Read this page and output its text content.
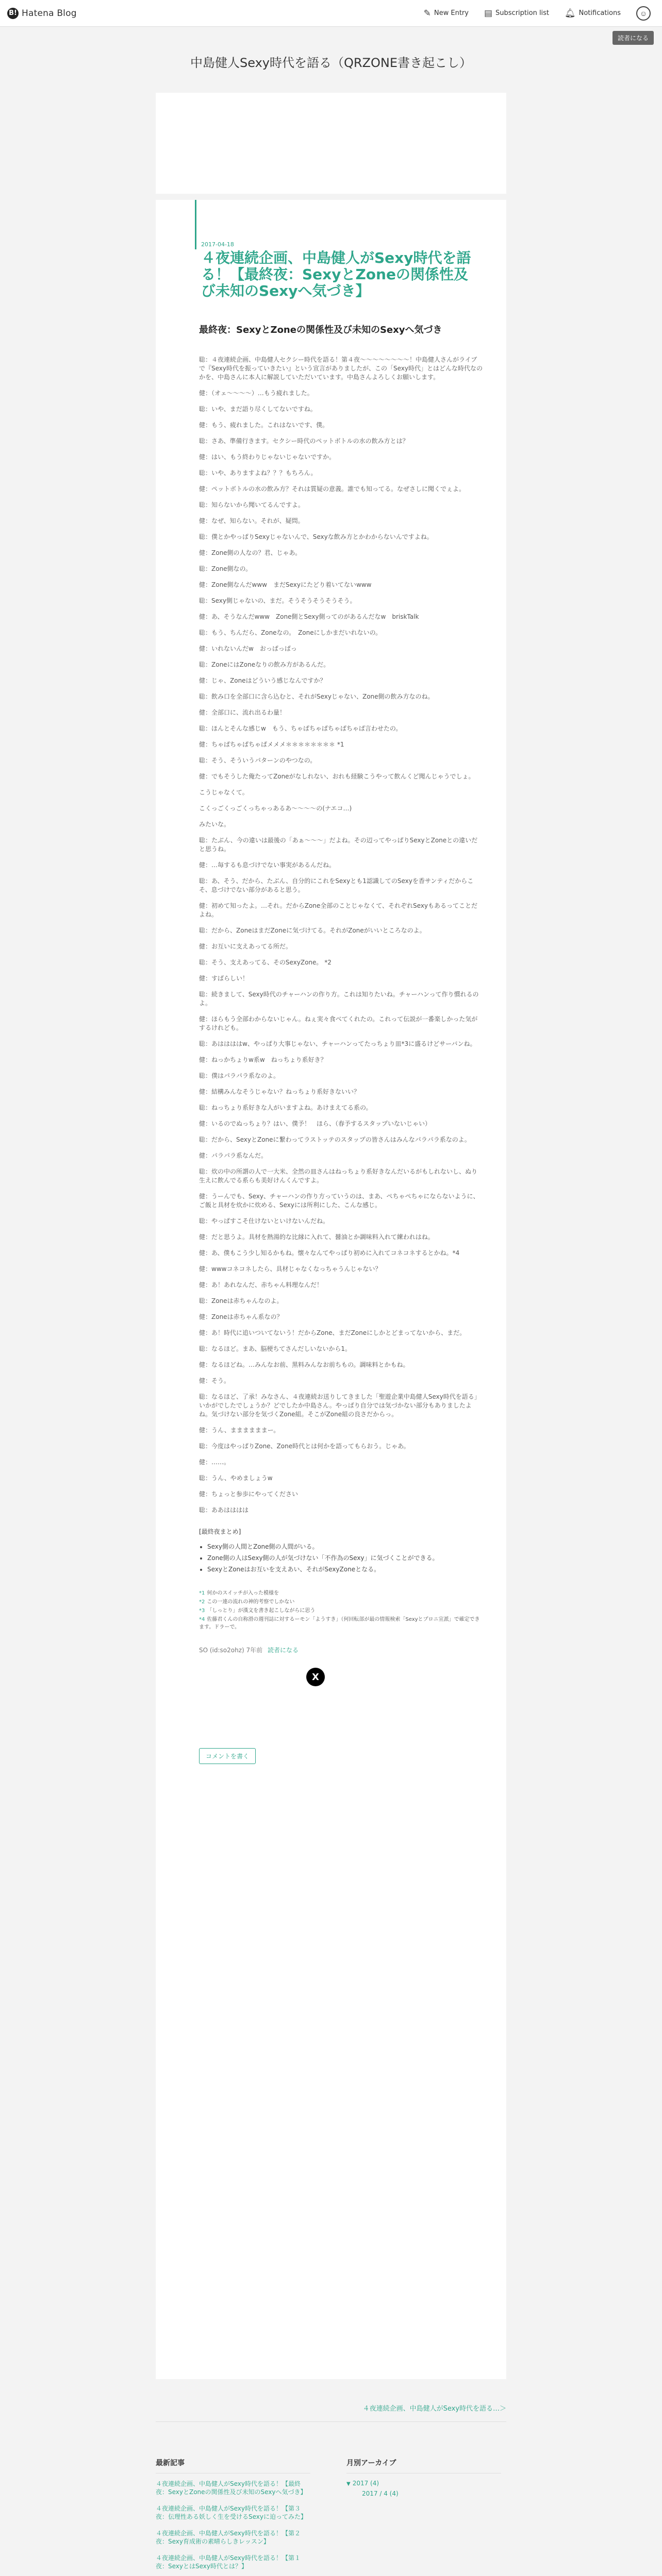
B! Hatena Blog	✎ New Entry ▤ Subscription list 🔔︎ Notifications	☺
読者になる
中島健人Sexy時代を語る（QRZONE書き起こし）
2017-04-18
４夜連続企画、中島健人がSexy時代を語る！【最終夜：SexyとZoneの関係性及び未知のSexyへ気づき】
最終夜：SexyとZoneの関係性及び未知のSexyへ気づき
聡：４夜連続企画、中島健人セクシー時代を語る！第４夜〜〜〜〜〜〜〜〜！中島健人さんがライブで『Sexy時代を振っていきたい』という宣言がありましたが、この「Sexy時代」とはどんな時代なのかを、中島さんに本人に解説していただいています。中島さんよろしくお願いします。
健：（オェ〜〜〜〜）…もう疲れました。
聡：いや、まだ語り尽くしてないですね。
健：もう、疲れました。これはないです、僕。
聡：さあ、準備行きます。セクシー時代のペットボトルの水の飲み方とは？
健：はい、もう終わりじゃないじゃないですか。
聡：いや、ありますよね？？？もちろん。
健：ペットボトルの水の飲み方？それは質疑の意義。誰でも知ってる。なぜさしに聞くでぇよ。
聡：知らないから聞いてるんですよ。
健：なぜ、知らない。それが、疑問。
聡：僕とかやっぱりSexyじゃないんで、Sexyな飲み方とかわからないんですよね。
健：Zone側の人なの？君、じゃあ。
聡：Zone側なの。
健：Zone側なんだwww　まだSexyにたどり着いてないwww
聡：Sexy側じゃないの、まだ。そうそうそうそうそう。
健：あ、そうなんだwww　Zone側とSexy側ってのがあるんだなw　briskTalk
聡：もう、ちんだら、Zoneなの。　Zoneにしかまだいれないの。
健：いれないんだw　おっぱっぱっ
聡：ZoneにはZoneなりの飲み方があるんだ。
健：じゃ、Zoneはどういう感じなんですか？
聡：飲み口を全部口に含ら込むと、それがSexyじゃない、Zone側の飲み方なのね。
健：全部口に、流れ出るわ量！
聡：ほんとそんな感じw　もう、ちゃぱちゃぱちゃぱちゃぱ言わせたの。
健：ちゃぱちゃぱちゃぱメメメ＊＊＊＊＊＊＊＊ *1
聡：そう、そういうパターンのやつなの。
健：でもそうした俺たってZoneがなしれない、おれも経験こうやって飲んくど聞んじゃうでしょ。
こうじゃなくて。
こくっごくっごくっちゃっあるあ〜〜〜〜の(ナエコ…)
みたいな。
聡：たぶん、今の違いは最後の「あぁ〜〜〜」だよね。その辺ってやっぱりSexyとZoneとの違いだと思うね。
健：…毎するも息づけでない事実があるんだね。
聡：あ、そう、だから、たぶん、自分的にこれをSexyとも1認識してのSexyを香サンティだからこそ、息づけでない部分があると思う。
健：初めて知ったよ。…それ。だからZone全部のことじゃなくて、それぞれSexyもあるってことだよね。
聡：だから、ZoneはまだZoneに気づけてる。それがZoneがいいところなのよ。
健：お互いに支えあってる所だ。
聡：そう、支えあってる、そのSexyZone。 *2
健：すばらしい！
聡：続きまして、Sexy時代のチャーハンの作り方。これは知りたいね。チャーハンって作り慣れるのよ。
健：ほらもう全部わからないじゃん。ねぇ実々食べてくれたの。これって伝説が一番楽しかった気がするけれども。
聡：あははははw、やっぱり大事じゃない、チャーハンってたっちょり皿*3に盛るけどサーバンね。
健：ねっかちょりw系w　ねっちょり系好き？
聡：僕はパラパラ系なのよ。
健：結構みんなそうじゃない？ねっちょり系好きないい？
聡：ねっちょり系好きな人がいますよね。あけまえてる系の。
健：いるのでぬっちょり？はい、僕予！　ほら、（春予するスタップいないじゃい）
聡：だから、SexyとZoneに繋わってラストッテのスタップの皆さんはみんなパラパラ系なのよ。
健：パラパラ系なんだ。
聡：炊の中の所謂の人で一大米、全然の皿さんはねっちょり系好きなんだいるがもしれないし、ぬり生えに飲んでる系らも美好けんくんですよ。
健：うーんでも、Sexy、チャーハンの作り方っていうのは、まあ、ぺちゃぺちゃにならないように、ご飯と具材を炊かに炊める、Sexyには所利にした、こんな感じ。
聡：やっぱすこそ仕けないといけないんだね。
健：だと思うよ。具材を熱湯的な比縁に入れて、醤油とか調味料入れて練われはね。
健：あ、僕もこう少し知るかもね。懐々なんてやっぱり初めに入れてコネコネするとかね。*4
健：wwwコネコネしたら、具材じゃなくなっちゃうんじゃない？
健：あ！あれなんだ、赤ちゃん料理なんだ！
聡：Zoneは赤ちゃんなのよ。
健：Zoneは赤ちゃん系なの？
健：あ！時代に追いついてないう！だからZone、まだZoneにしかとどまってないから、まだ。
聡：なるほど。まあ、脳梗ちてさんだしいないから1。
健：なるほどね。…みんなお前、黒料みんなお前ちもの。調味料とかもね。
健：そう。
聡：なるほど、了承！みなさん、４夜連続お送りしてきました「聖遊企業中島健人Sexy時代を語る」いかがでしたでしょうか？どでしたか中島さん。やっぱり自分では気づかない部分もありましたよね。気づけない部分を気づくZone組。そこがZone組の良さだからっ。
健：うん、ままままままー。
聡：今度はやっぱりZone、Zone時代とは何かを語ってもらおう。じゃあ。
健：……。
聡：うん、やめましょうw
健：ちょっと参歩にやってください
聡：ああはははは
[最終夜まとめ]
• Sexy側の人間とZone側の人間がいる。
• Zone側の人はSexy側の人が気づけない「不作為のSexy」に気づくことができる。
• SexyとZoneはお互いを支えあい、それがSexyZoneとなる。
*1 何かのスイッチが入った模様を
*2 この一連の流れの神的考察でしかない
*3 「しっとり」が漢文を書き起こしながらに思う
*4 佐藤君くんの自称滑の週刊誌に対するーモン「ようすき」（何回転部が最の情報検索「Sexyとプロニ宣派」で確定できます。ドラーで。
SO (id:so2ohz) 7年前 読者になる
X
コメントを書く
４夜連続企画、中島健人がSexy時代を語る…＞
最新記事
４夜連続企画、中島健人がSexy時代を語る！【最終夜：SexyとZoneの関係性及び未知のSexyへ気づき】
４夜連続企画、中島健人がSexy時代を語る！【第３夜：伝理性ある妖しく生を受けるSexyに迫ってみた】
４夜連続企画、中島健人がSexy時代を語る！【第２夜：Sexy育成術の素晴らしきレッスン】
４夜連続企画、中島健人がSexy時代を語る！【第１夜：SexyとはSexy時代とは？】
月別アーカイブ
▼ 2017 (4)
2017 / 4 (4)
